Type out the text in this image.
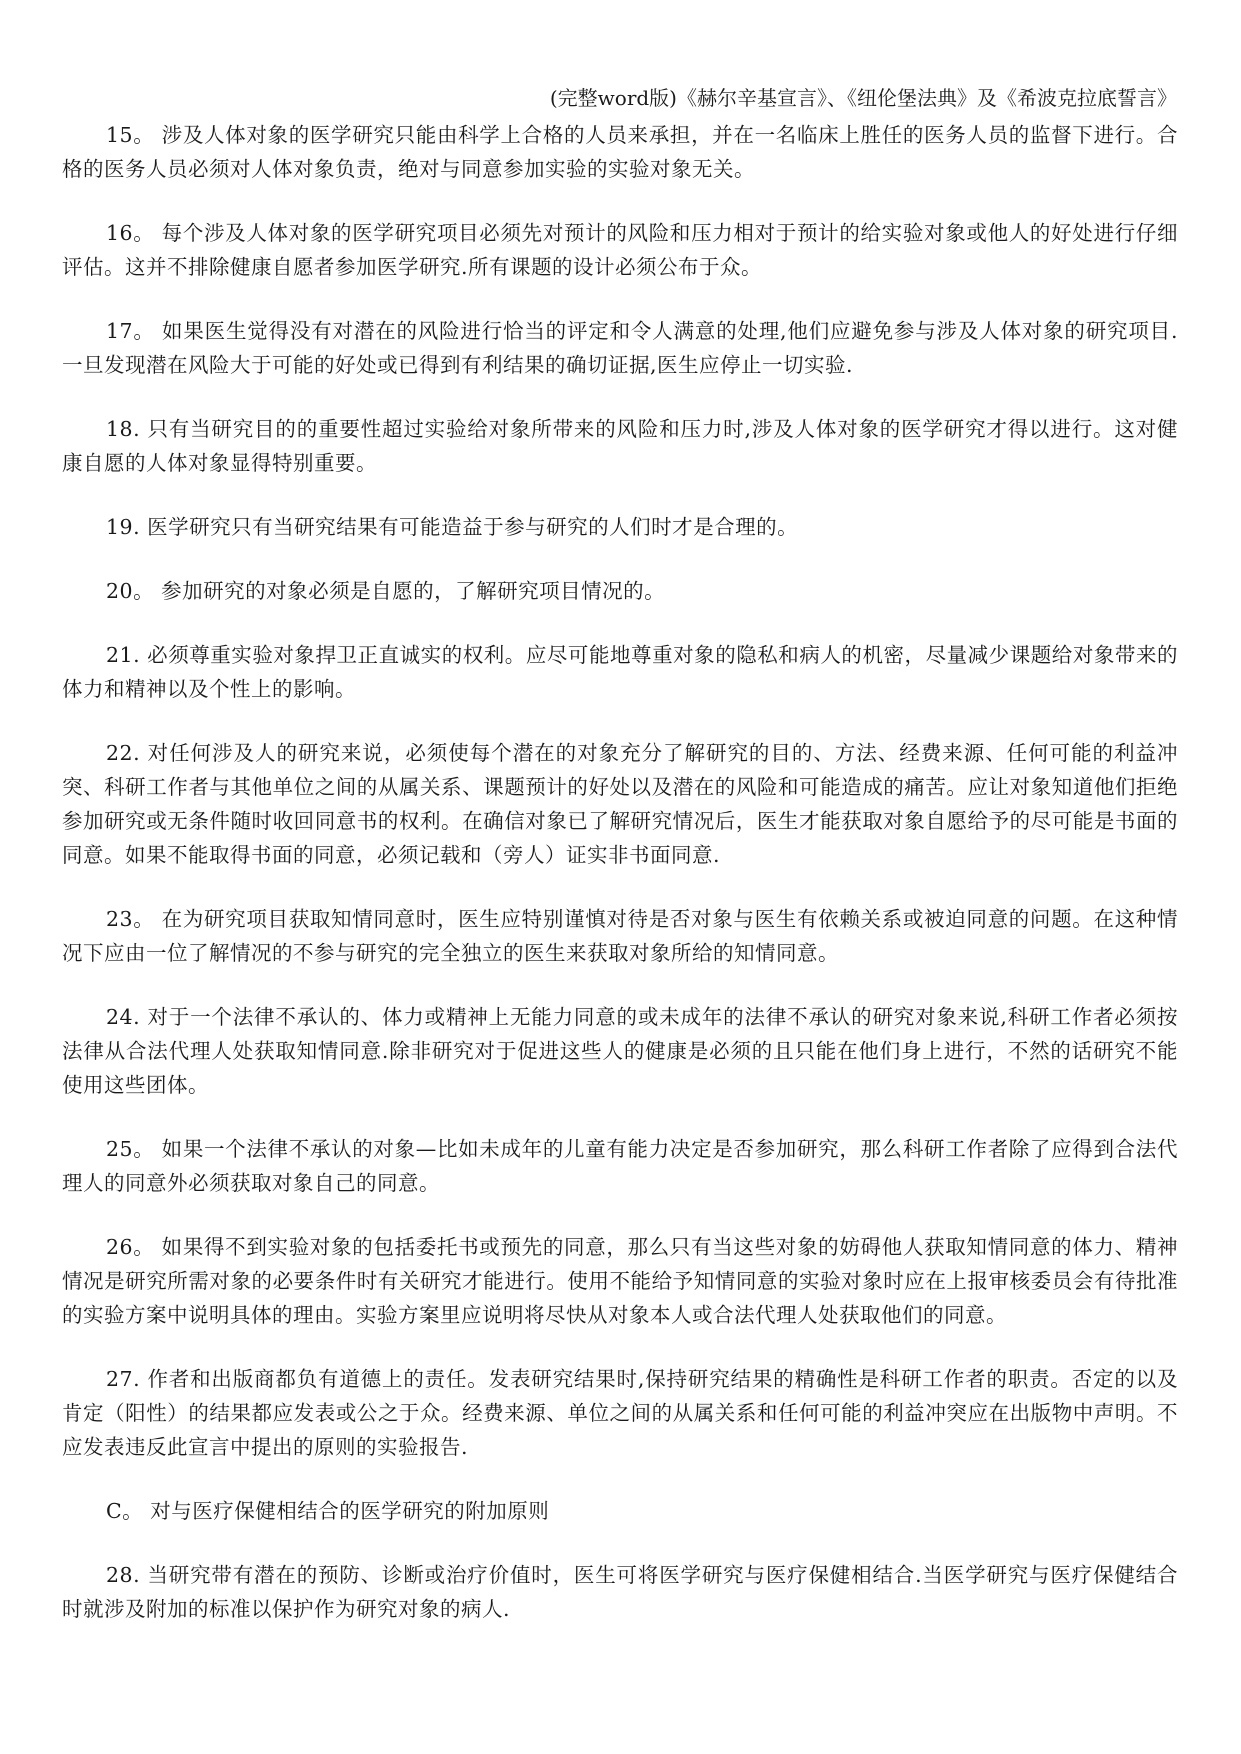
(完整word版)《赫尔辛基宣言》、《纽伦堡法典》及《希波克拉底誓言》

15。 涉及人体对象的医学研究只能由科学上合格的人员来承担，并在一名临床上胜任的医务人员的监督下进行。合格的医务人员必须对人体对象负责，绝对与同意参加实验的实验对象无关。

16。 每个涉及人体对象的医学研究项目必须先对预计的风险和压力相对于预计的给实验对象或他人的好处进行仔细评估。这并不排除健康自愿者参加医学研究.所有课题的设计必须公布于众。

17。 如果医生觉得没有对潜在的风险进行恰当的评定和令人满意的处理,他们应避免参与涉及人体对象的研究项目.一旦发现潜在风险大于可能的好处或已得到有利结果的确切证据,医生应停止一切实验.

18. 只有当研究目的的重要性超过实验给对象所带来的风险和压力时,涉及人体对象的医学研究才得以进行。这对健康自愿的人体对象显得特别重要。

19. 医学研究只有当研究结果有可能造益于参与研究的人们时才是合理的。

20。 参加研究的对象必须是自愿的，了解研究项目情况的。

21. 必须尊重实验对象捍卫正直诚实的权利。应尽可能地尊重对象的隐私和病人的机密，尽量减少课题给对象带来的体力和精神以及个性上的影响。

22. 对任何涉及人的研究来说，必须使每个潜在的对象充分了解研究的目的、方法、经费来源、任何可能的利益冲突、科研工作者与其他单位之间的从属关系、课题预计的好处以及潜在的风险和可能造成的痛苦。应让对象知道他们拒绝参加研究或无条件随时收回同意书的权利。在确信对象已了解研究情况后，医生才能获取对象自愿给予的尽可能是书面的同意。如果不能取得书面的同意，必须记载和（旁人）证实非书面同意.

23。 在为研究项目获取知情同意时，医生应特别谨慎对待是否对象与医生有依赖关系或被迫同意的问题。在这种情况下应由一位了解情况的不参与研究的完全独立的医生来获取对象所给的知情同意。

24. 对于一个法律不承认的、体力或精神上无能力同意的或未成年的法律不承认的研究对象来说,科研工作者必须按法律从合法代理人处获取知情同意.除非研究对于促进这些人的健康是必须的且只能在他们身上进行，不然的话研究不能使用这些团体。

25。 如果一个法律不承认的对象—比如未成年的儿童有能力决定是否参加研究，那么科研工作者除了应得到合法代理人的同意外必须获取对象自己的同意。

26。 如果得不到实验对象的包括委托书或预先的同意，那么只有当这些对象的妨碍他人获取知情同意的体力、精神情况是研究所需对象的必要条件时有关研究才能进行。使用不能给予知情同意的实验对象时应在上报审核委员会有待批准的实验方案中说明具体的理由。实验方案里应说明将尽快从对象本人或合法代理人处获取他们的同意。

27. 作者和出版商都负有道德上的责任。发表研究结果时,保持研究结果的精确性是科研工作者的职责。否定的以及肯定（阳性）的结果都应发表或公之于众。经费来源、单位之间的从属关系和任何可能的利益冲突应在出版物中声明。不应发表违反此宣言中提出的原则的实验报告.

C。 对与医疗保健相结合的医学研究的附加原则

28. 当研究带有潜在的预防、诊断或治疗价值时，医生可将医学研究与医疗保健相结合.当医学研究与医疗保健结合时就涉及附加的标准以保护作为研究对象的病人.
